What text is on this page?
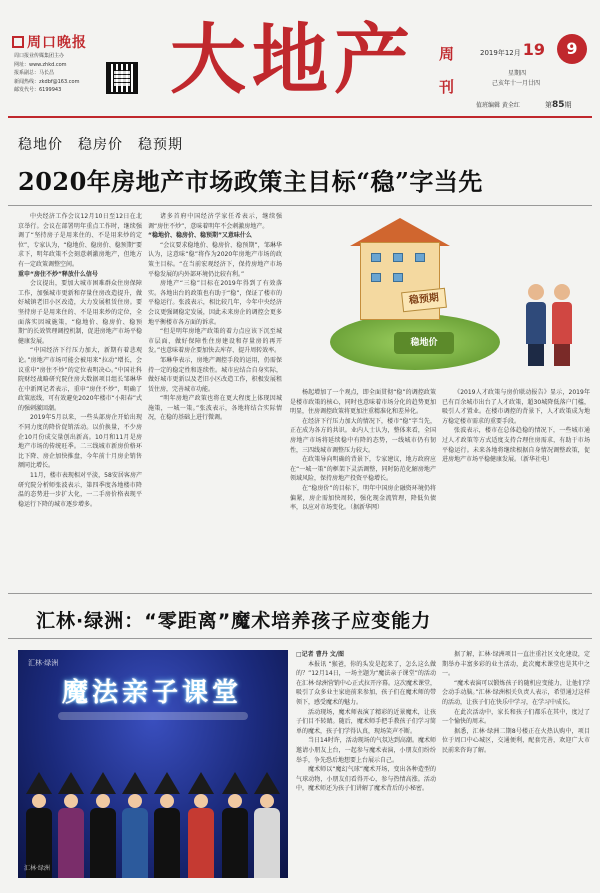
周口晚报
周口报业传媒集团主办
网址：www.zhkd.com
报系副总：马长昌
新闻热线：zkdbf@163.com
邮发代号：6199943	大地产 周刊	2019年12月 19	9
星期四
己亥年十一月廿四
值班编辑 黄全红	第85期
稳地价　稳房价　稳预期
2020年房地产市场政策主目标“稳”字当先

中央经济工作会议12月10日至12日在北京举行。会议在部署明年重点工作时，继续强调了“坚持房子是用来住的、不是用来炒的定位”，专家认为，“稳地价、稳房价、稳预期”要求下，明年政策不会刻意刺激房地产，但地方有一定政策调整空间。

重申“房住不炒”释放什么信号

会议提出，要加大城市困难群众住房保障工作，加强城市更新和存量住房改造提升，做好城镇老旧小区改造，大力发展租赁住房。要坚持房子是用来住的、不是用来炒的定位，全面落实因城施策，“稳地价、稳房价、稳预期”的长效管理调控机制，促进房地产市场平稳健康发展。

“中国经济下行压力加大，新期有着悲观论。”房地产市场可能会被用来“拉动”增长，会议重申“房住不炒”的定位表明决心。”中国社科院财经战略研究院住房大数据项目组长邹琳华在中新网记者表示，重申“房住不炒”，明确了政策底线，可有效避免2020年楼市“小阳春”式的强刺激回潮。

2019年5月以来，一些头部房企开始出现不同力度的降价促销活动。以价换量，不少房企10月份成交量创出新高。10月和11月是房地产市场的传统旺季。二三线城市新房价格环比下降、房企加快推盘，今年前十月房企销售额同比增长。

11月，楼市表现相对平淡，58安居客房产研究院分析师张波表示，第四季度各地楼市降温的态势进一步扩大化，一二手房价格表现平稳运行下降的城市逐步增多。

诸多首府中国经济学家任希表示，继续强调“房住不炒”，意味着明年不会刺激房地产。

“稳地价、稳房价、稳预期”又意味什么

“会议要求稳地价、稳房价、稳预期”，邹琳华认为，这意味“稳”将作为2020年房地产市场的政策主目标。“在当前宏观经济下，保持房地产市场平稳发展的内外部环境仍比较有利。”

房地产“三稳”目标在2019年得到了有效落实。各地出台的政策也有助于“稳”，保证了楼市的平稳运行。张波表示，相比较几年，今年中央经济会议更强调稳定发展，因此未来房企的调控会更多地平衡楼市各方面的诉求。

“但是明年房地产政策的着力点应该下沉至城市层面，做好保障性住房建设和存量房的再开发。”也意味着房企要加快去库存、提升周转效率。

邹琳华表示，房地产调控手段的运用，仍需保持一定的稳定性和连续性。城市应结合自身实际，做好城市更新以及老旧小区改造工作，积极发展租赁住房，完善城市功能。

“明年房地产政策也将在更大程度上体现因城施策，一城一策。”张波表示，各地将结合实际情况，在稳的基础上进行微调。

稳预期
稳地价

杨起增加了一个观点，即全面贯彻“稳”的调控政策是楼市政策的核心，同时也意味着市场分化的趋势更加明显，住房调控政策将更加注重精准化和差异化。

在经济下行压力加大的情况下，楼市“稳”字当先，正在成为各方的共识。业内人士认为，整体来看，全国房地产市场将延续稳中有降的态势，一线城市仍有韧性，三四线城市调整压力较大。

在政策导向明确的背景下，专家建议，地方政府应在“一城一策”的框架下灵活调整，同时防范化解房地产领域风险，保持房地产投资平稳增长。

在“稳房价”的目标下，明年中国房企融资环境仍将偏紧，房企需加快周转，强化现金流管理，降低负债率，以应对市场变化。（据新华网）

《2019人才政策与房价联动报告》显示，2019年已有百余城市出台了人才政策，超30城降低落户门槛，吸引人才置业。在楼市调控的背景下，人才政策成为地方稳定楼市需求的重要手段。

张波表示，楼市在总体趋稳的情况下，一些城市通过人才政策等方式适度支持合理住房需求，有助于市场平稳运行。未来各地将继续根据自身情况调整政策，促进房地产市场平稳健康发展。（新华社电）

汇林·绿洲：“零距离”魔术培养孩子应变能力
汇林·绿洲
魔法亲子课堂
汇林·绿洲

□记者 曹丹 文/图

本报讯 “猴爸，你的头发是起来了，怎么这么做的？”12月14日，一场主题为“魔法亲子课堂”的活动在汇林·绿洲营销中心正式拉开序幕。这次魔术课堂，吸引了众多业主家庭前来参加，孩子们在魔术师的带领下，感受魔术的魅力。

活动现场，魔术师表演了精彩的近景魔术，让孩子们目不转睛。随后，魔术师手把手教孩子们学习简单的魔术，孩子们学得认真，现场笑声不断。

当日14时许，活动现场的气氛达到高潮。魔术师邀请小朋友上台，一起参与魔术表演，小朋友们纷纷举手，争先恐后地想要上台展示自己。

魔术师以“魔幻气球”魔术开场，变出各种造型的气球动物，小朋友们看得开心，参与热情高涨。活动中，魔术师还为孩子们讲解了魔术背后的小秘密。

据了解，汇林·绿洲项目一直注重社区文化建设，定期举办丰富多彩的业主活动，此次魔术课堂也是其中之一。

“魔术表演可以锻炼孩子的随机应变能力，让他们学会动手动脑。”汇林·绿洲相关负责人表示，希望通过这样的活动，让孩子们在快乐中学习，在学习中成长。

在此次活动中，家长和孩子们都乐在其中，度过了一个愉快的周末。

据悉，汇林·绿洲二期8号楼正在火热认购中，项目位于周口中心城区，交通便利，配套完善，欢迎广大市民前来咨询了解。
